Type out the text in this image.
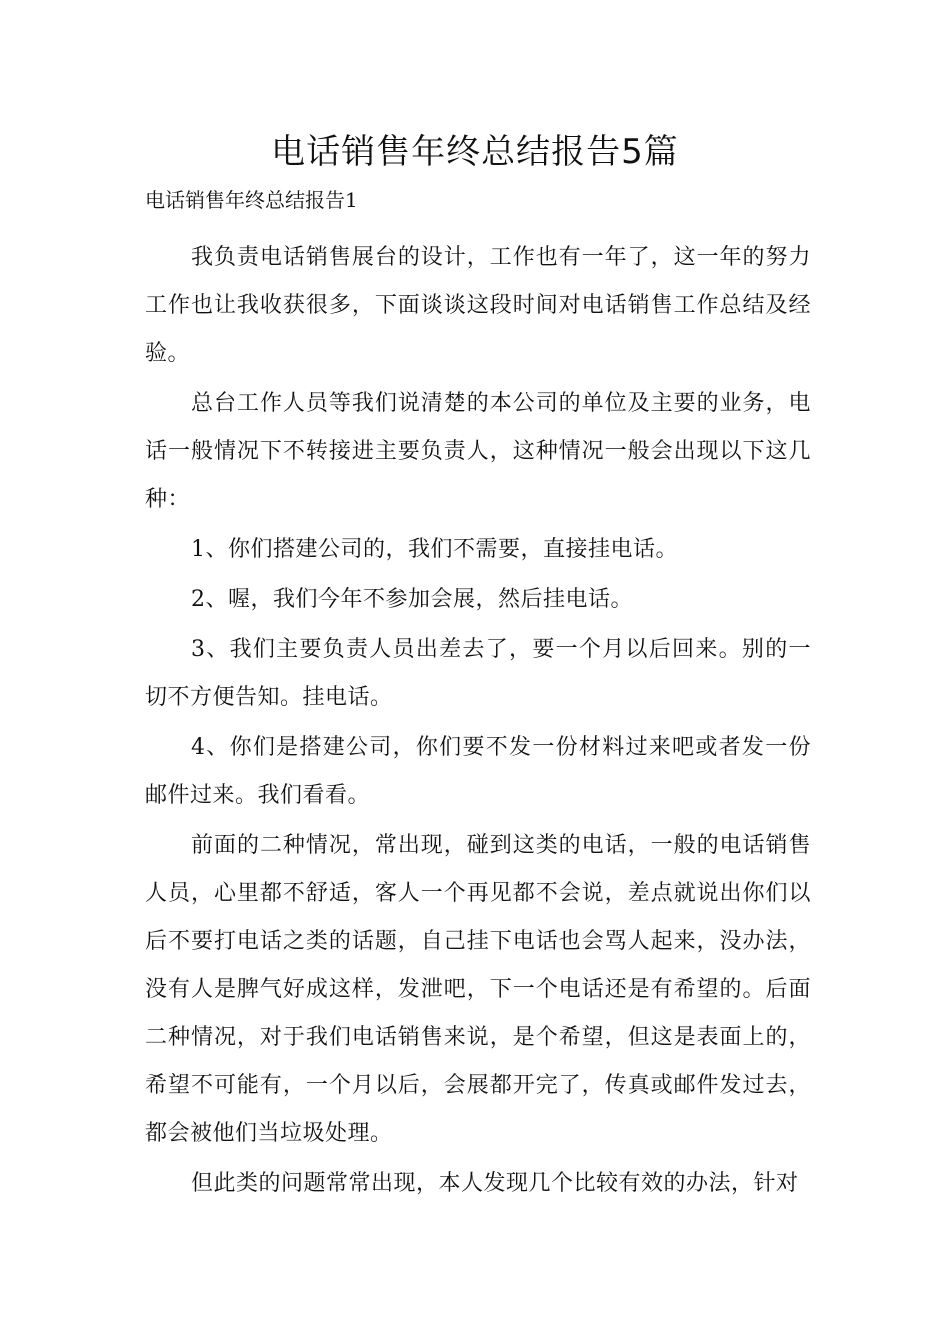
电话销售年终总结报告5篇

电话销售年终总结报告1

我负责电话销售展台的设计，工作也有一年了，这一年的努力工作也让我收获很多，下面谈谈这段时间对电话销售工作总结及经验。

总台工作人员等我们说清楚的本公司的单位及主要的业务，电话一般情况下不转接进主要负责人，这种情况一般会出现以下这几种：

1、你们搭建公司的，我们不需要，直接挂电话。

2、喔，我们今年不参加会展，然后挂电话。

3、我们主要负责人员出差去了，要一个月以后回来。别的一切不方便告知。挂电话。

4、你们是搭建公司，你们要不发一份材料过来吧或者发一份邮件过来。我们看看。

前面的二种情况，常出现，碰到这类的电话，一般的电话销售人员，心里都不舒适，客人一个再见都不会说，差点就说出你们以后不要打电话之类的话题，自己挂下电话也会骂人起来，没办法，没有人是脾气好成这样，发泄吧，下一个电话还是有希望的。后面二种情况，对于我们电话销售来说，是个希望，但这是表面上的，希望不可能有，一个月以后，会展都开完了，传真或邮件发过去，都会被他们当垃圾处理。

但此类的问题常常出现，本人发现几个比较有效的办法，针对
